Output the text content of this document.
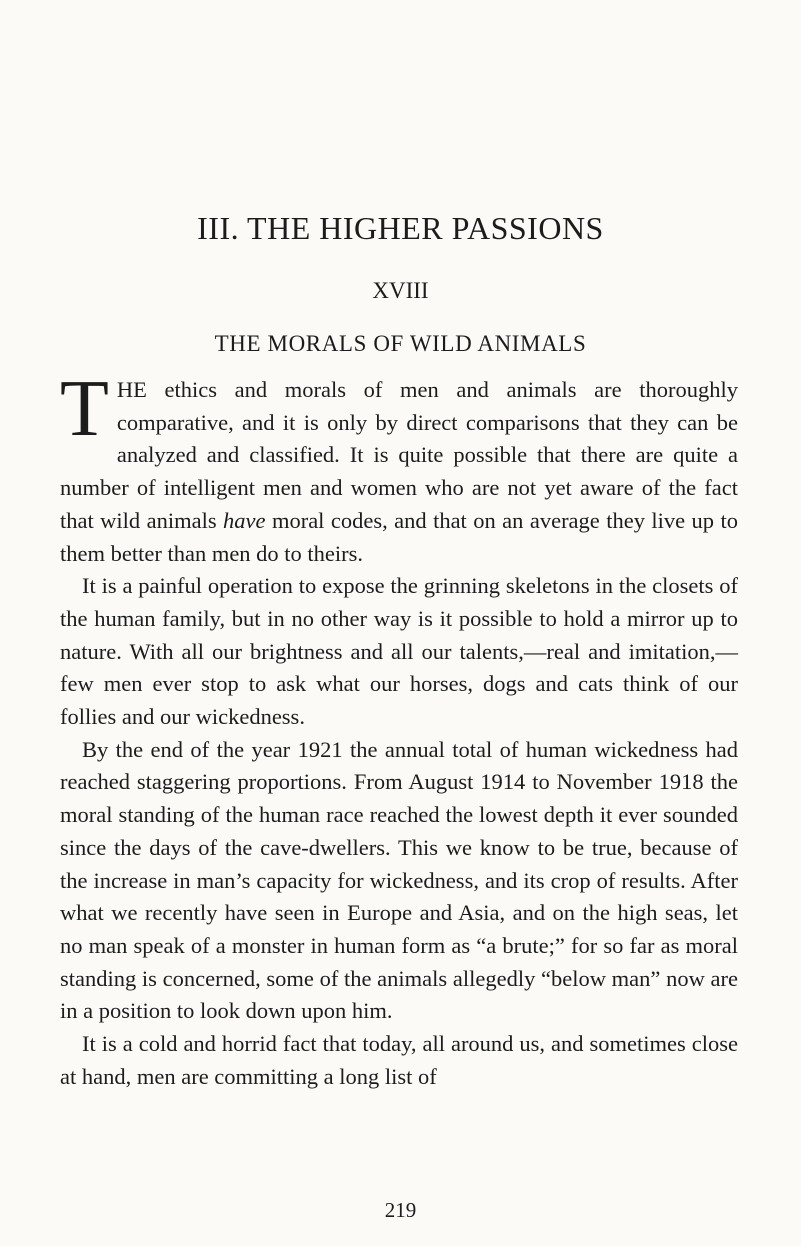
III. THE HIGHER PASSIONS
XVIII
THE MORALS OF WILD ANIMALS

THE ethics and morals of men and animals are thoroughly comparative, and it is only by direct comparisons that they can be analyzed and classified. It is quite possible that there are quite a number of intelligent men and women who are not yet aware of the fact that wild animals have moral codes, and that on an average they live up to them better than men do to theirs.

It is a painful operation to expose the grinning skeletons in the closets of the human family, but in no other way is it possible to hold a mirror up to nature. With all our brightness and all our talents,—real and imitation,—few men ever stop to ask what our horses, dogs and cats think of our follies and our wickedness.

By the end of the year 1921 the annual total of human wickedness had reached staggering proportions. From August 1914 to November 1918 the moral standing of the human race reached the lowest depth it ever sounded since the days of the cave-dwellers. This we know to be true, because of the increase in man’s capacity for wickedness, and its crop of results. After what we recently have seen in Europe and Asia, and on the high seas, let no man speak of a monster in human form as “a brute;” for so far as moral standing is concerned, some of the animals allegedly “below man” now are in a position to look down upon him.

It is a cold and horrid fact that today, all around us, and sometimes close at hand, men are committing a long list of

219
